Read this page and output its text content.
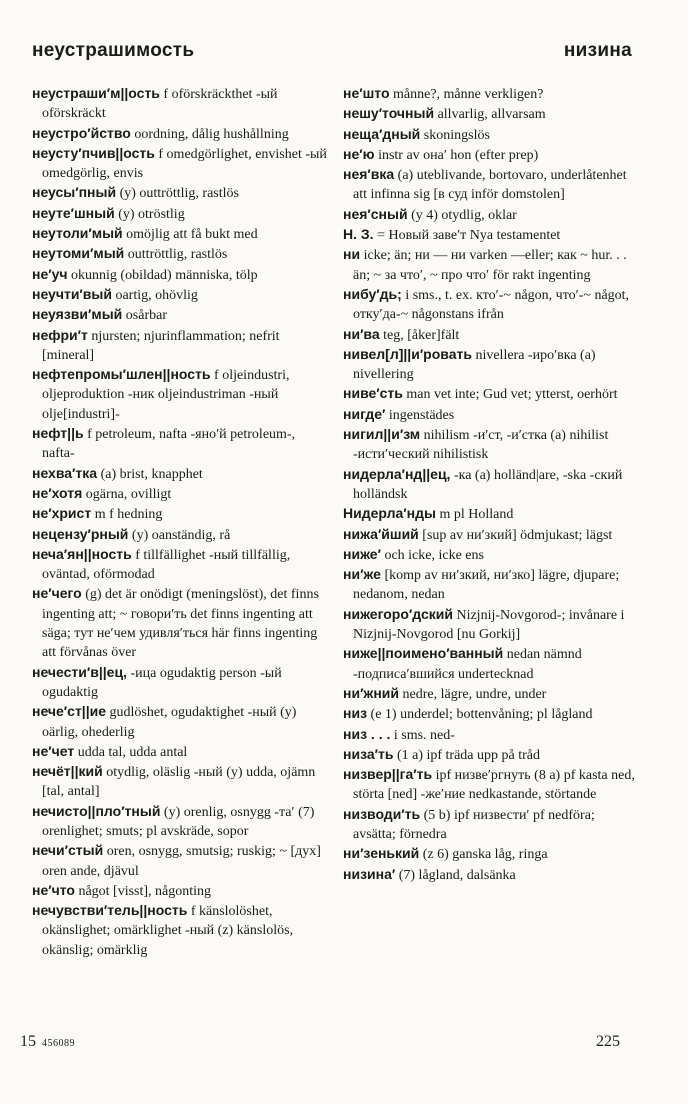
неустрашимость	низина

неустраши′м||ость f oförskräckthet -ый oförskräckt

неустро′йство oordning, dålig hushållning

неусту′пчив||ость f omedgörlighet, envishet -ый omedgörlig, envis

неусы′пный (y) outtröttlig, rastlös

неуте′шный (y) otröstlig

неутоли′мый omöjlig att få bukt med

неутоми′мый outtröttlig, rastlös

не′уч okunnig (obildad) människa, tölp

неучти′вый oartig, ohövlig

неуязви′мый osårbar

нефри′т njursten; njurinflammation; nefrit [mineral]

нефтепромы′шлен||ность f oljeindustri, oljeproduktion -ник oljeindustriman -ный olje[industri]-

нефт||ь f petroleum, nafta -яно′й petroleum-, nafta-

нехва′тка (a) brist, knapphet

не′хотя ogärna, ovilligt

не′христ m f hedning

нецензу′рный (y) oanständig, rå

нечa′ян||ность f tillfällighet -ный tillfällig, oväntad, oförmodad

не′чего (g) det är onödigt (meningslöst), det finns ingenting att; ~ говори′ть det finns ingenting att säga; тут не′чем удивля′ться här finns ingenting att förvånas över

нечести′в||ец, -ица ogudaktig person -ый ogudaktig

нече′ст||ие gudlöshet, ogudaktighet -ный (y) oärlig, ohederlig

не′чет udda tal, udda antal

нечёт||кий otydlig, oläslig -ный (y) udda, ojämn [tal, antal]

нечисто||пло′тный (y) orenlig, osnygg -та′ (7) orenlighet; smuts; pl avskräde, sopor

нечи′стый oren, osnygg, smutsig; ruskig; ~ [дух] oren ande, djävul

не′что något [visst], någonting

нечувстви′тель||ность f känslolöshet, okänslighet; omärklighet -ный (z) känslolös, okänslig; omärklig

не′што månne?, månne verkligen?

нешу′точный allvarlig, allvarsam

неща′дный skoningslös

не′ю instr av она′ hon (efter prep)

нея′вка (a) uteblivande, bortovaro, underlåtenhet att infinna sig [в суд inför domstolen]

нея′сный (y 4) otydlig, oklar

Н. З. = Новый заве′т Nya testamentet

ни icke; än; ни — ни varken —eller; как ~ hur. . . än; ~ за что′, ~ про что′ för rakt ingenting

нибу′дь; i sms., t. ex. кто′-~ någon, что′-~ något, отку′да-~ någonstans ifrån

ни′ва teg, [åker]fält

нивел[л]||и′ровать nivellera -иро′вка (a) nivellering

ниве′сть man vet inte; Gud vet; ytterst, oerhört

нигде′ ingenstädes

нигил||и′зм nihilism -и′ст, -и′стка (a) nihilist -исти′ческий nihilistisk

нидерла′нд||ец, -ка (a) holländ|are, -ska -ский holländsk

Нидерла′нды m pl Holland

нижа′йший [sup av ни′зкий] ödmjukast; lägst

ниже′ och icke, icke ens

ни′же [komp av ни′зкий, ни′зко] lägre, djupare; nedanom, nedan

нижегоро′дский Nizjnij-Novgorod-; invånare i Nizjnij-Novgorod [nu Gorkij]

ниже||поимено′ванный nedan nämnd -подписа′вшийся undertecknad

ни′жний nedre, lägre, undre, under

низ (e 1) underdel; bottenvåning; pl lågland

низ . . . i sms. ned-

низа′ть (1 a) ipf träda upp på tråd

низвер||га′ть ipf низве′ргнуть (8 a) pf kasta ned, störta [ned] -же′ние nedkastande, störtande

низводи′ть (5 b) ipf низвести′ pf nedföra; avsätta; förnedra

ни′зенький (z 6) ganska låg, ringa

низина′ (7) lågland, dalsänka

15 456089	225
